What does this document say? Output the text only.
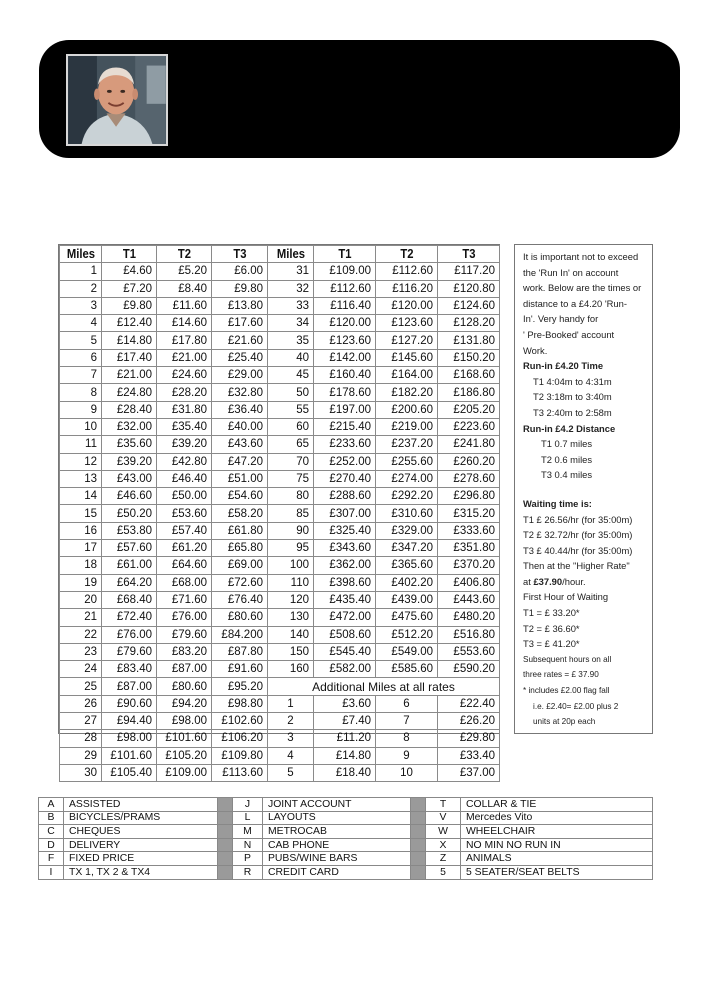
Miles	T1	T2	T3	Miles	T1	T2	T3
1	£4.60	£5.20	£6.00	31	£109.00	£112.60	£117.20
2	£7.20	£8.40	£9.80	32	£112.60	£116.20	£120.80
3	£9.80	£11.60	£13.80	33	£116.40	£120.00	£124.60
4	£12.40	£14.60	£17.60	34	£120.00	£123.60	£128.20
5	£14.80	£17.80	£21.60	35	£123.60	£127.20	£131.80
6	£17.40	£21.00	£25.40	40	£142.00	£145.60	£150.20
7	£21.00	£24.60	£29.00	45	£160.40	£164.00	£168.60
8	£24.80	£28.20	£32.80	50	£178.60	£182.20	£186.80
9	£28.40	£31.80	£36.40	55	£197.00	£200.60	£205.20
10	£32.00	£35.40	£40.00	60	£215.40	£219.00	£223.60
11	£35.60	£39.20	£43.60	65	£233.60	£237.20	£241.80
12	£39.20	£42.80	£47.20	70	£252.00	£255.60	£260.20
13	£43.00	£46.40	£51.00	75	£270.40	£274.00	£278.60
14	£46.60	£50.00	£54.60	80	£288.60	£292.20	£296.80
15	£50.20	£53.60	£58.20	85	£307.00	£310.60	£315.20
16	£53.80	£57.40	£61.80	90	£325.40	£329.00	£333.60
17	£57.60	£61.20	£65.80	95	£343.60	£347.20	£351.80
18	£61.00	£64.60	£69.00	100	£362.00	£365.60	£370.20
19	£64.20	£68.00	£72.60	110	£398.60	£402.20	£406.80
20	£68.40	£71.60	£76.40	120	£435.40	£439.00	£443.60
21	£72.40	£76.00	£80.60	130	£472.00	£475.60	£480.20
22	£76.00	£79.60	£84.200	140	£508.60	£512.20	£516.80
23	£79.60	£83.20	£87.80	150	£545.40	£549.00	£553.60
24	£83.40	£87.00	£91.60	160	£582.00	£585.60	£590.20
25	£87.00	£80.60	£95.20	Additional Miles at all rates			
26	£90.60	£94.20	£98.80	1	£3.60	6	£22.40
27	£94.40	£98.00	£102.60	2	£7.40	7	£26.20
28	£98.00	£101.60	£106.20	3	£11.20	8	£29.80
29	£101.60	£105.20	£109.80	4	£14.80	9	£33.40
30	£105.40	£109.00	£113.60	5	£18.40	10	£37.00

It is important not to exceed

the 'Run In' on account

work. Below are the times or

distance to a £4.20 'Run-

In'. Very handy for

' Pre-Booked' account

Work.

Run-in £4.20 Time

T1 4:04m to 4:31m

T2 3:18m to 3:40m

T3 2:40m to 2:58m

Run-in £4.2 Distance

T1 0.7 miles

T2 0.6 miles

T3 0.4 miles

Waiting time is:

T1 £ 26.56/hr (for 35:00m)

T2 £ 32.72/hr (for 35:00m)

T3 £ 40.44/hr (for 35:00m)

Then at the "Higher Rate"

at £37.90/hour.

First Hour of Waiting

T1 = £ 33.20*

T2 = £ 36.60*

T3 = £ 41.20*

Subsequent hours on all

three rates = £ 37.90

* includes £2.00 flag fall

i.e. £2.40= £2.00 plus 2

units at 20p each

A	ASSISTED		J	JOINT ACCOUNT		T	COLLAR & TIE
B	BICYCLES/PRAMS		L	LAYOUTS		V	Mercedes Vito
C	CHEQUES		M	METROCAB		W	WHEELCHAIR
D	DELIVERY		N	CAB PHONE		X	NO MIN NO RUN IN
F	FIXED PRICE		P	PUBS/WINE BARS		Z	ANIMALS
I	TX 1, TX 2 & TX4		R	CREDIT CARD		5	5 SEATER/SEAT BELTS
